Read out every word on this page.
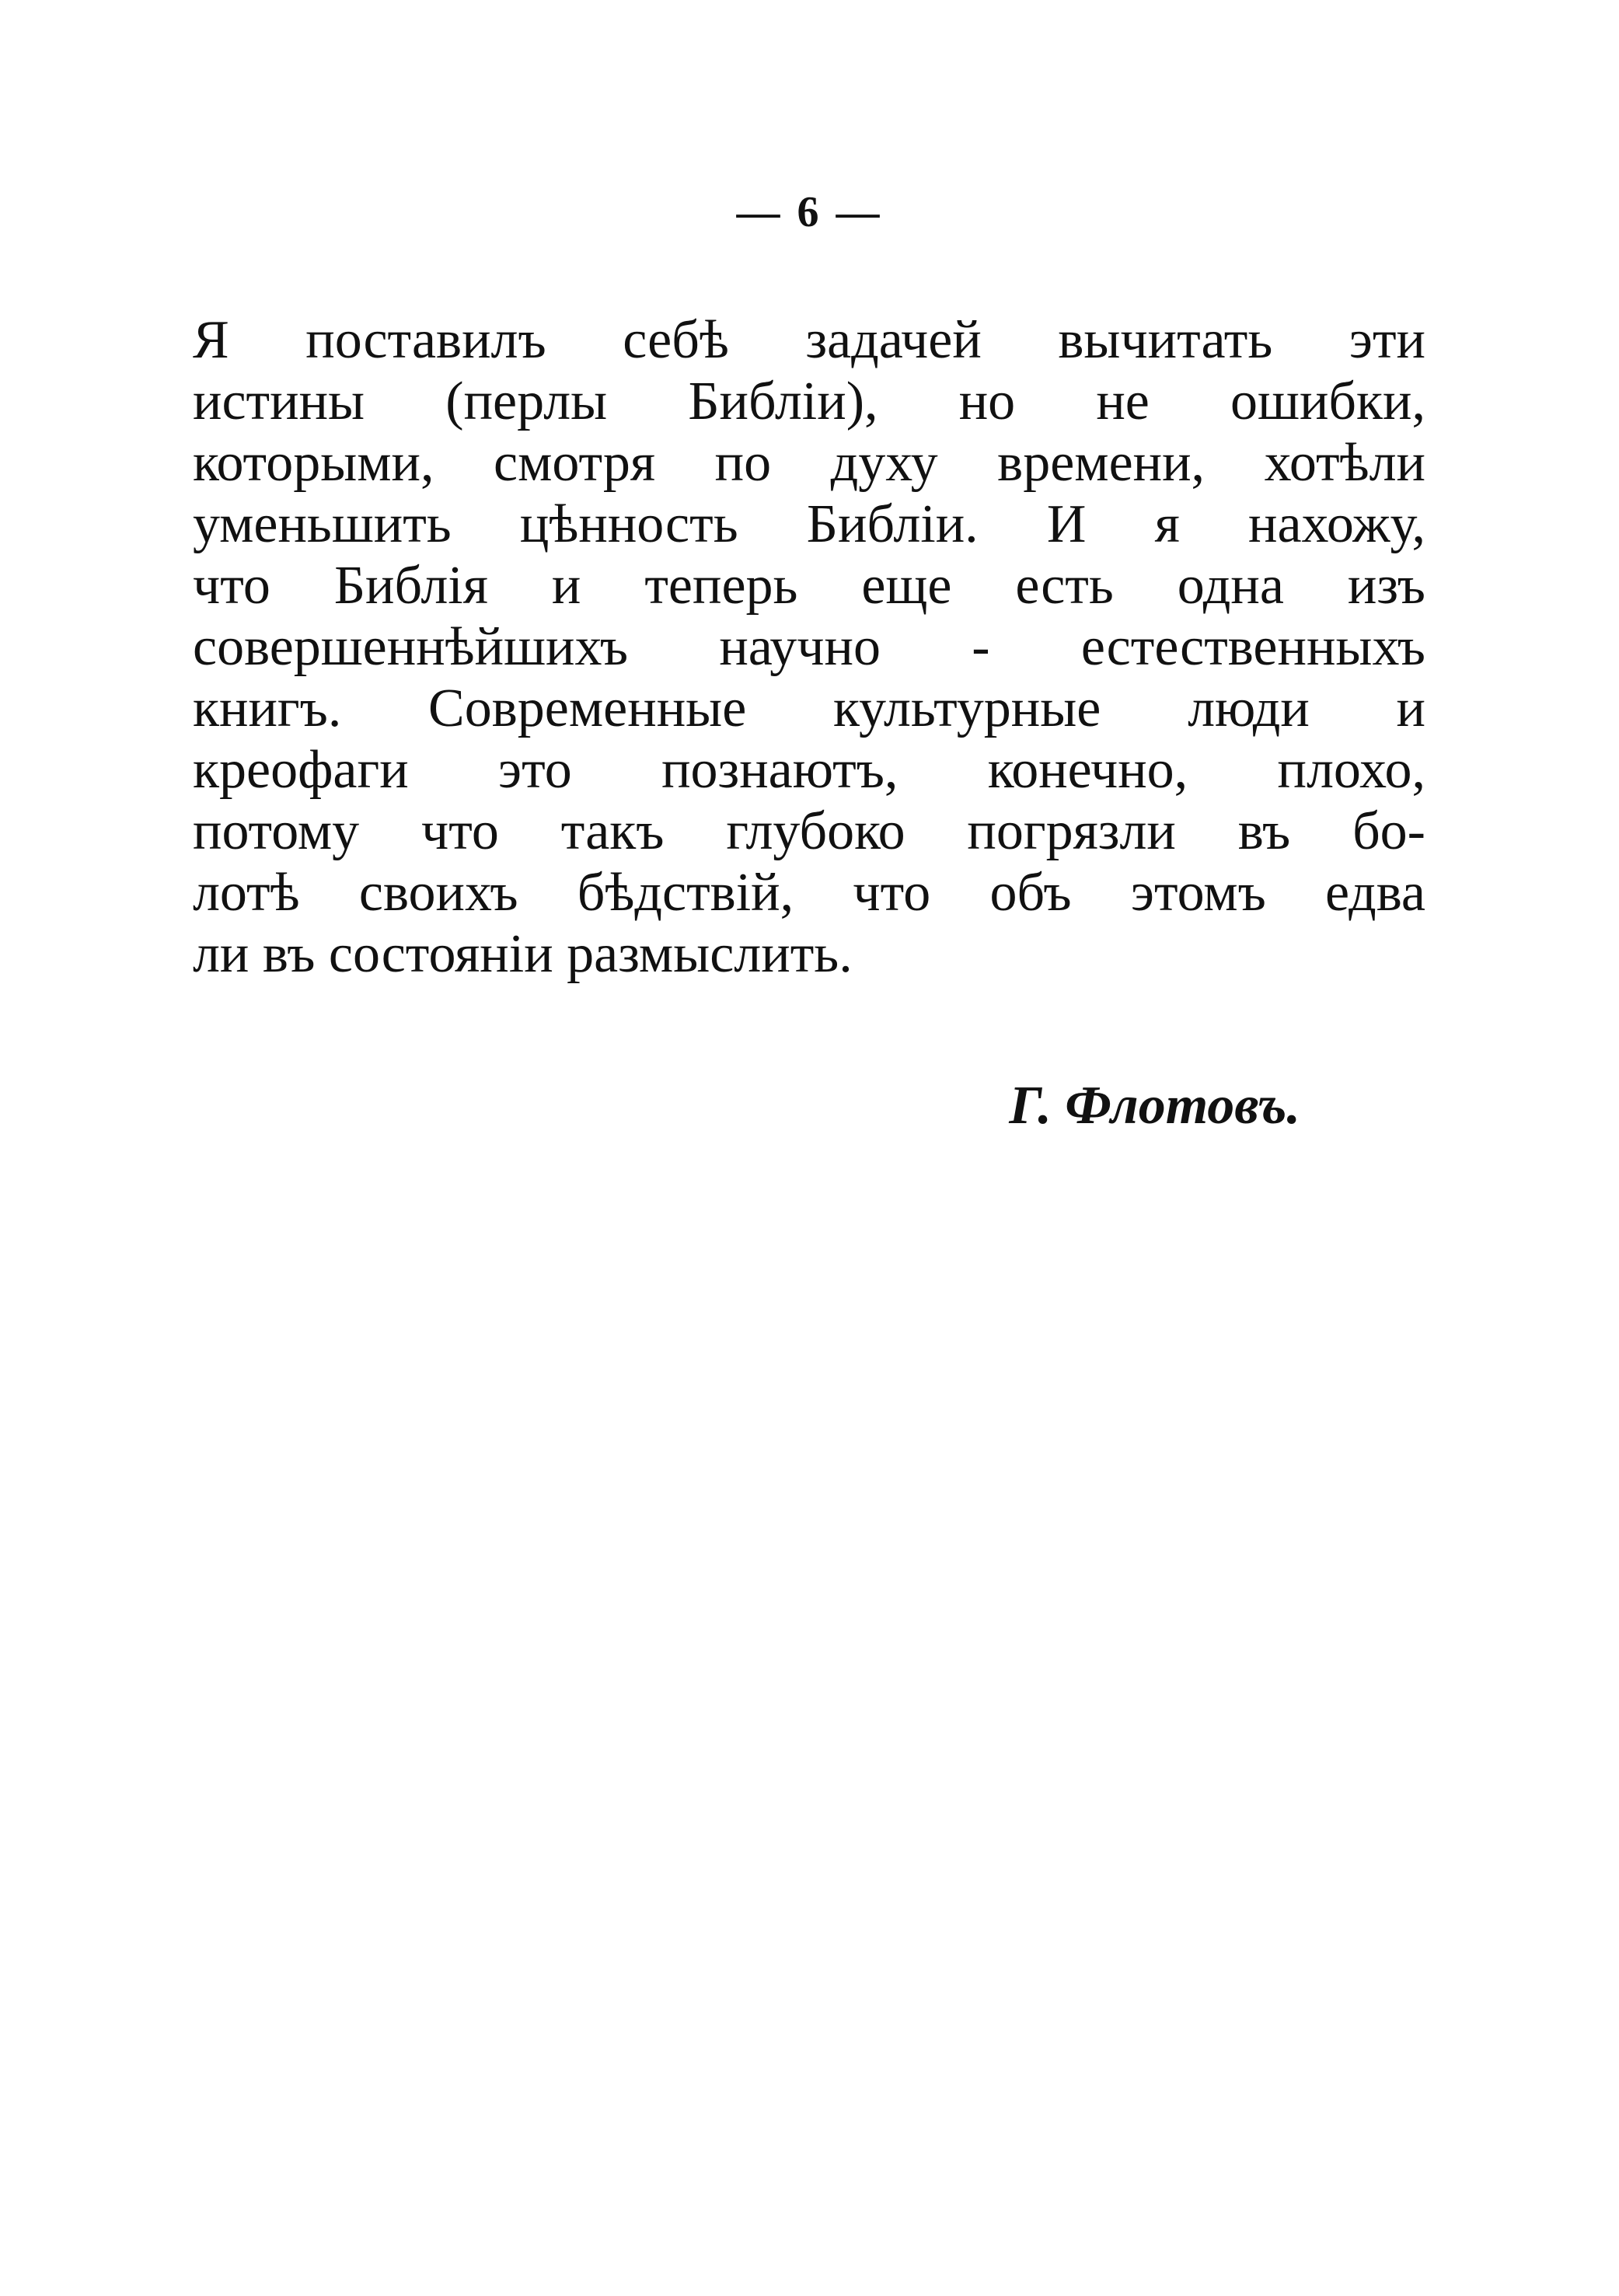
— 6 —
Я поставилъ себѣ задачей вычитать эти
истины (перлы Библіи), но не ошибки,
которыми, смотря по духу времени, хотѣли
уменьшить цѣнность Библіи. И я нахожу,
что Библія и теперь еще есть одна изъ
совершеннѣйшихъ научно - естественныхъ
книгъ. Современные культурные люди и
креофаги это познаютъ, конечно, плохо,
потому что такъ глубоко погрязли въ бо-
лотѣ своихъ бѣдствій, что объ этомъ едва
ли въ состояніи размыслить.
Г. Флотовъ.
